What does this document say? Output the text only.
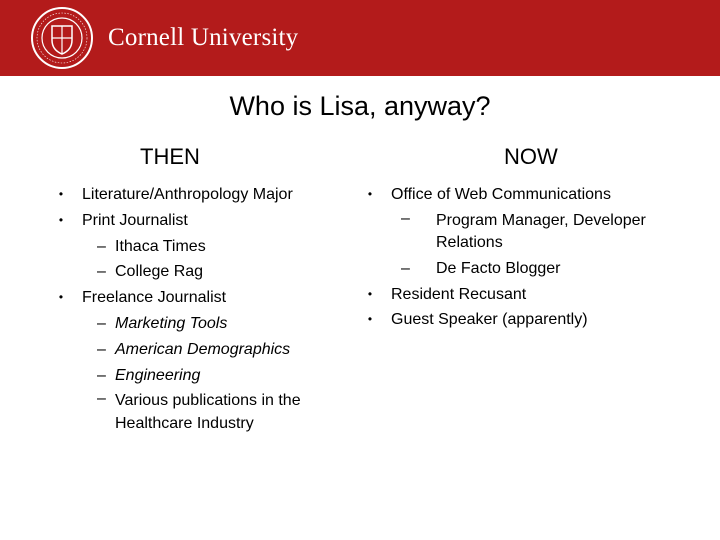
Cornell University
Who is Lisa, anyway?
THEN	NOW
• Literature/Anthropology Major
• Print Journalist
– Ithaca Times
– College Rag
• Freelance Journalist
– Marketing Tools
– American Demographics
– Engineering
– Various publications in the Healthcare Industry
• Office of Web Communications
– Program Manager, Developer Relations
– De Facto Blogger
• Resident Recusant
• Guest Speaker (apparently)
